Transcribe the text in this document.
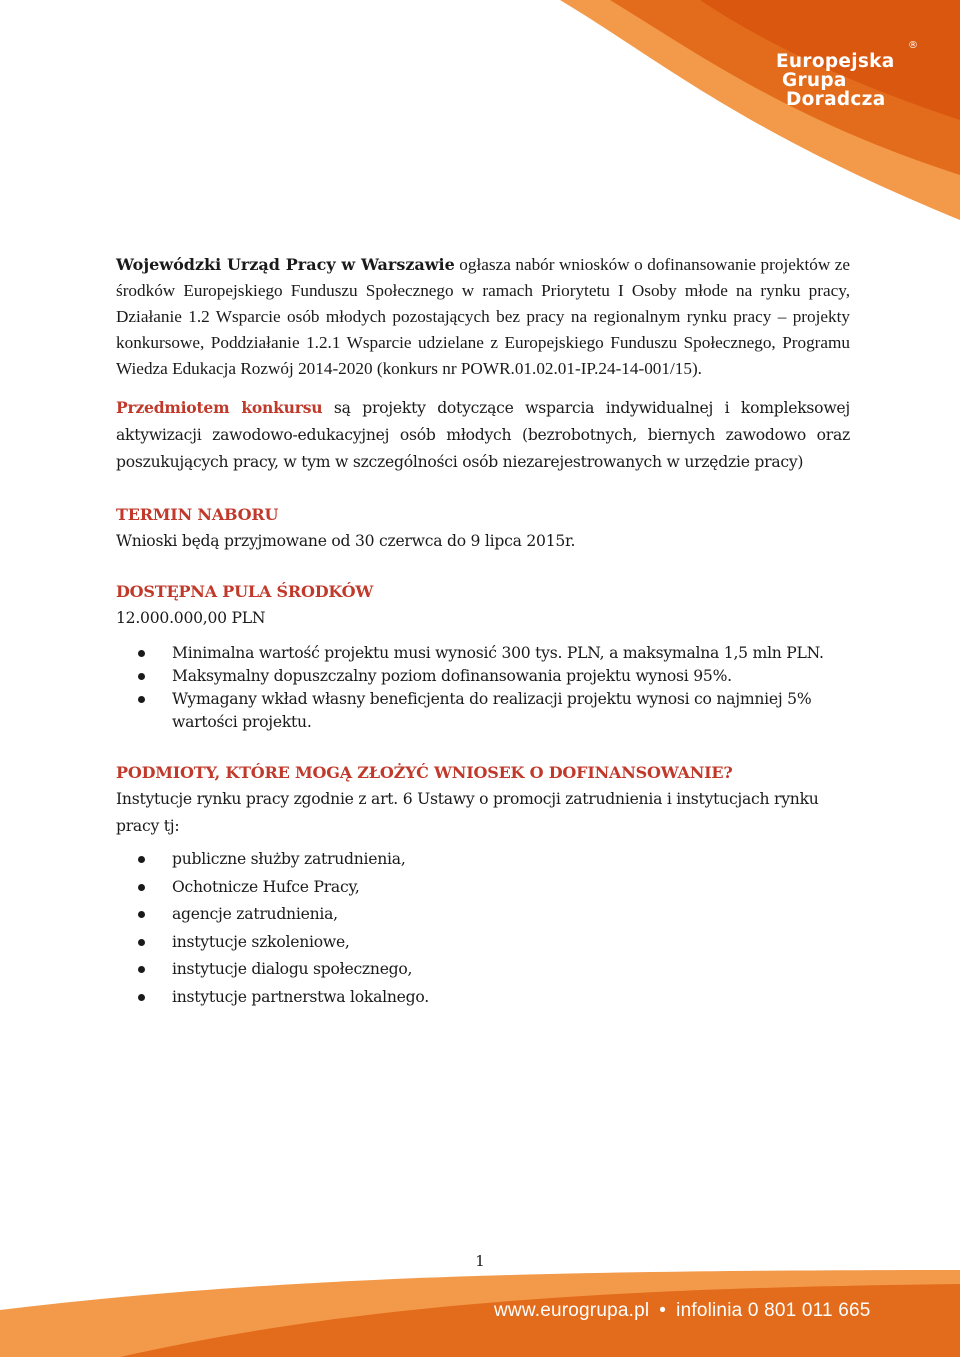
®
Europejska
Grupa
Doradcza

Wojewódzki Urząd Pracy w Warszawie ogłasza nabór wniosków o dofinansowanie projektów ze środków Europejskiego Funduszu Społecznego w ramach Priorytetu I Osoby młode na rynku pracy, Działanie 1.2 Wsparcie osób młodych pozostających bez pracy na regionalnym rynku pracy – projekty konkursowe, Poddziałanie 1.2.1 Wsparcie udzielane z Europejskiego Funduszu Społecznego, Programu Wiedza Edukacja Rozwój 2014-2020 (konkurs nr POWR.01.02.01-IP.24-14-001/15).

Przedmiotem konkursu są projekty dotyczące wsparcia indywidualnej i kompleksowej aktywizacji zawodowo-edukacyjnej osób młodych (bezrobotnych, biernych zawodowo oraz poszukujących pracy, w tym w szczególności osób niezarejestrowanych w urzędzie pracy)

TERMIN NABORU

Wnioski będą przyjmowane od 30 czerwca do 9 lipca 2015r.

DOSTĘPNA PULA ŚRODKÓW

12.000.000,00 PLN

Minimalna wartość projektu musi wynosić 300 tys. PLN, a maksymalna 1,5 mln PLN.
Maksymalny dopuszczalny poziom dofinansowania projektu wynosi 95%.
Wymagany wkład własny beneficjenta do realizacji projektu wynosi co najmniej 5% wartości projektu.

PODMIOTY, KTÓRE MOGĄ ZŁOŻYĆ WNIOSEK O DOFINANSOWANIE?

Instytucje rynku pracy zgodnie z art. 6 Ustawy o promocji zatrudnienia i instytucjach rynku pracy tj:

publiczne służby zatrudnienia,
Ochotnicze Hufce Pracy,
agencje zatrudnienia,
instytucje szkoleniowe,
instytucje dialogu społecznego,
instytucje partnerstwa lokalnego.
1
www.eurogrupa.pl • infolinia 0 801 011 665
